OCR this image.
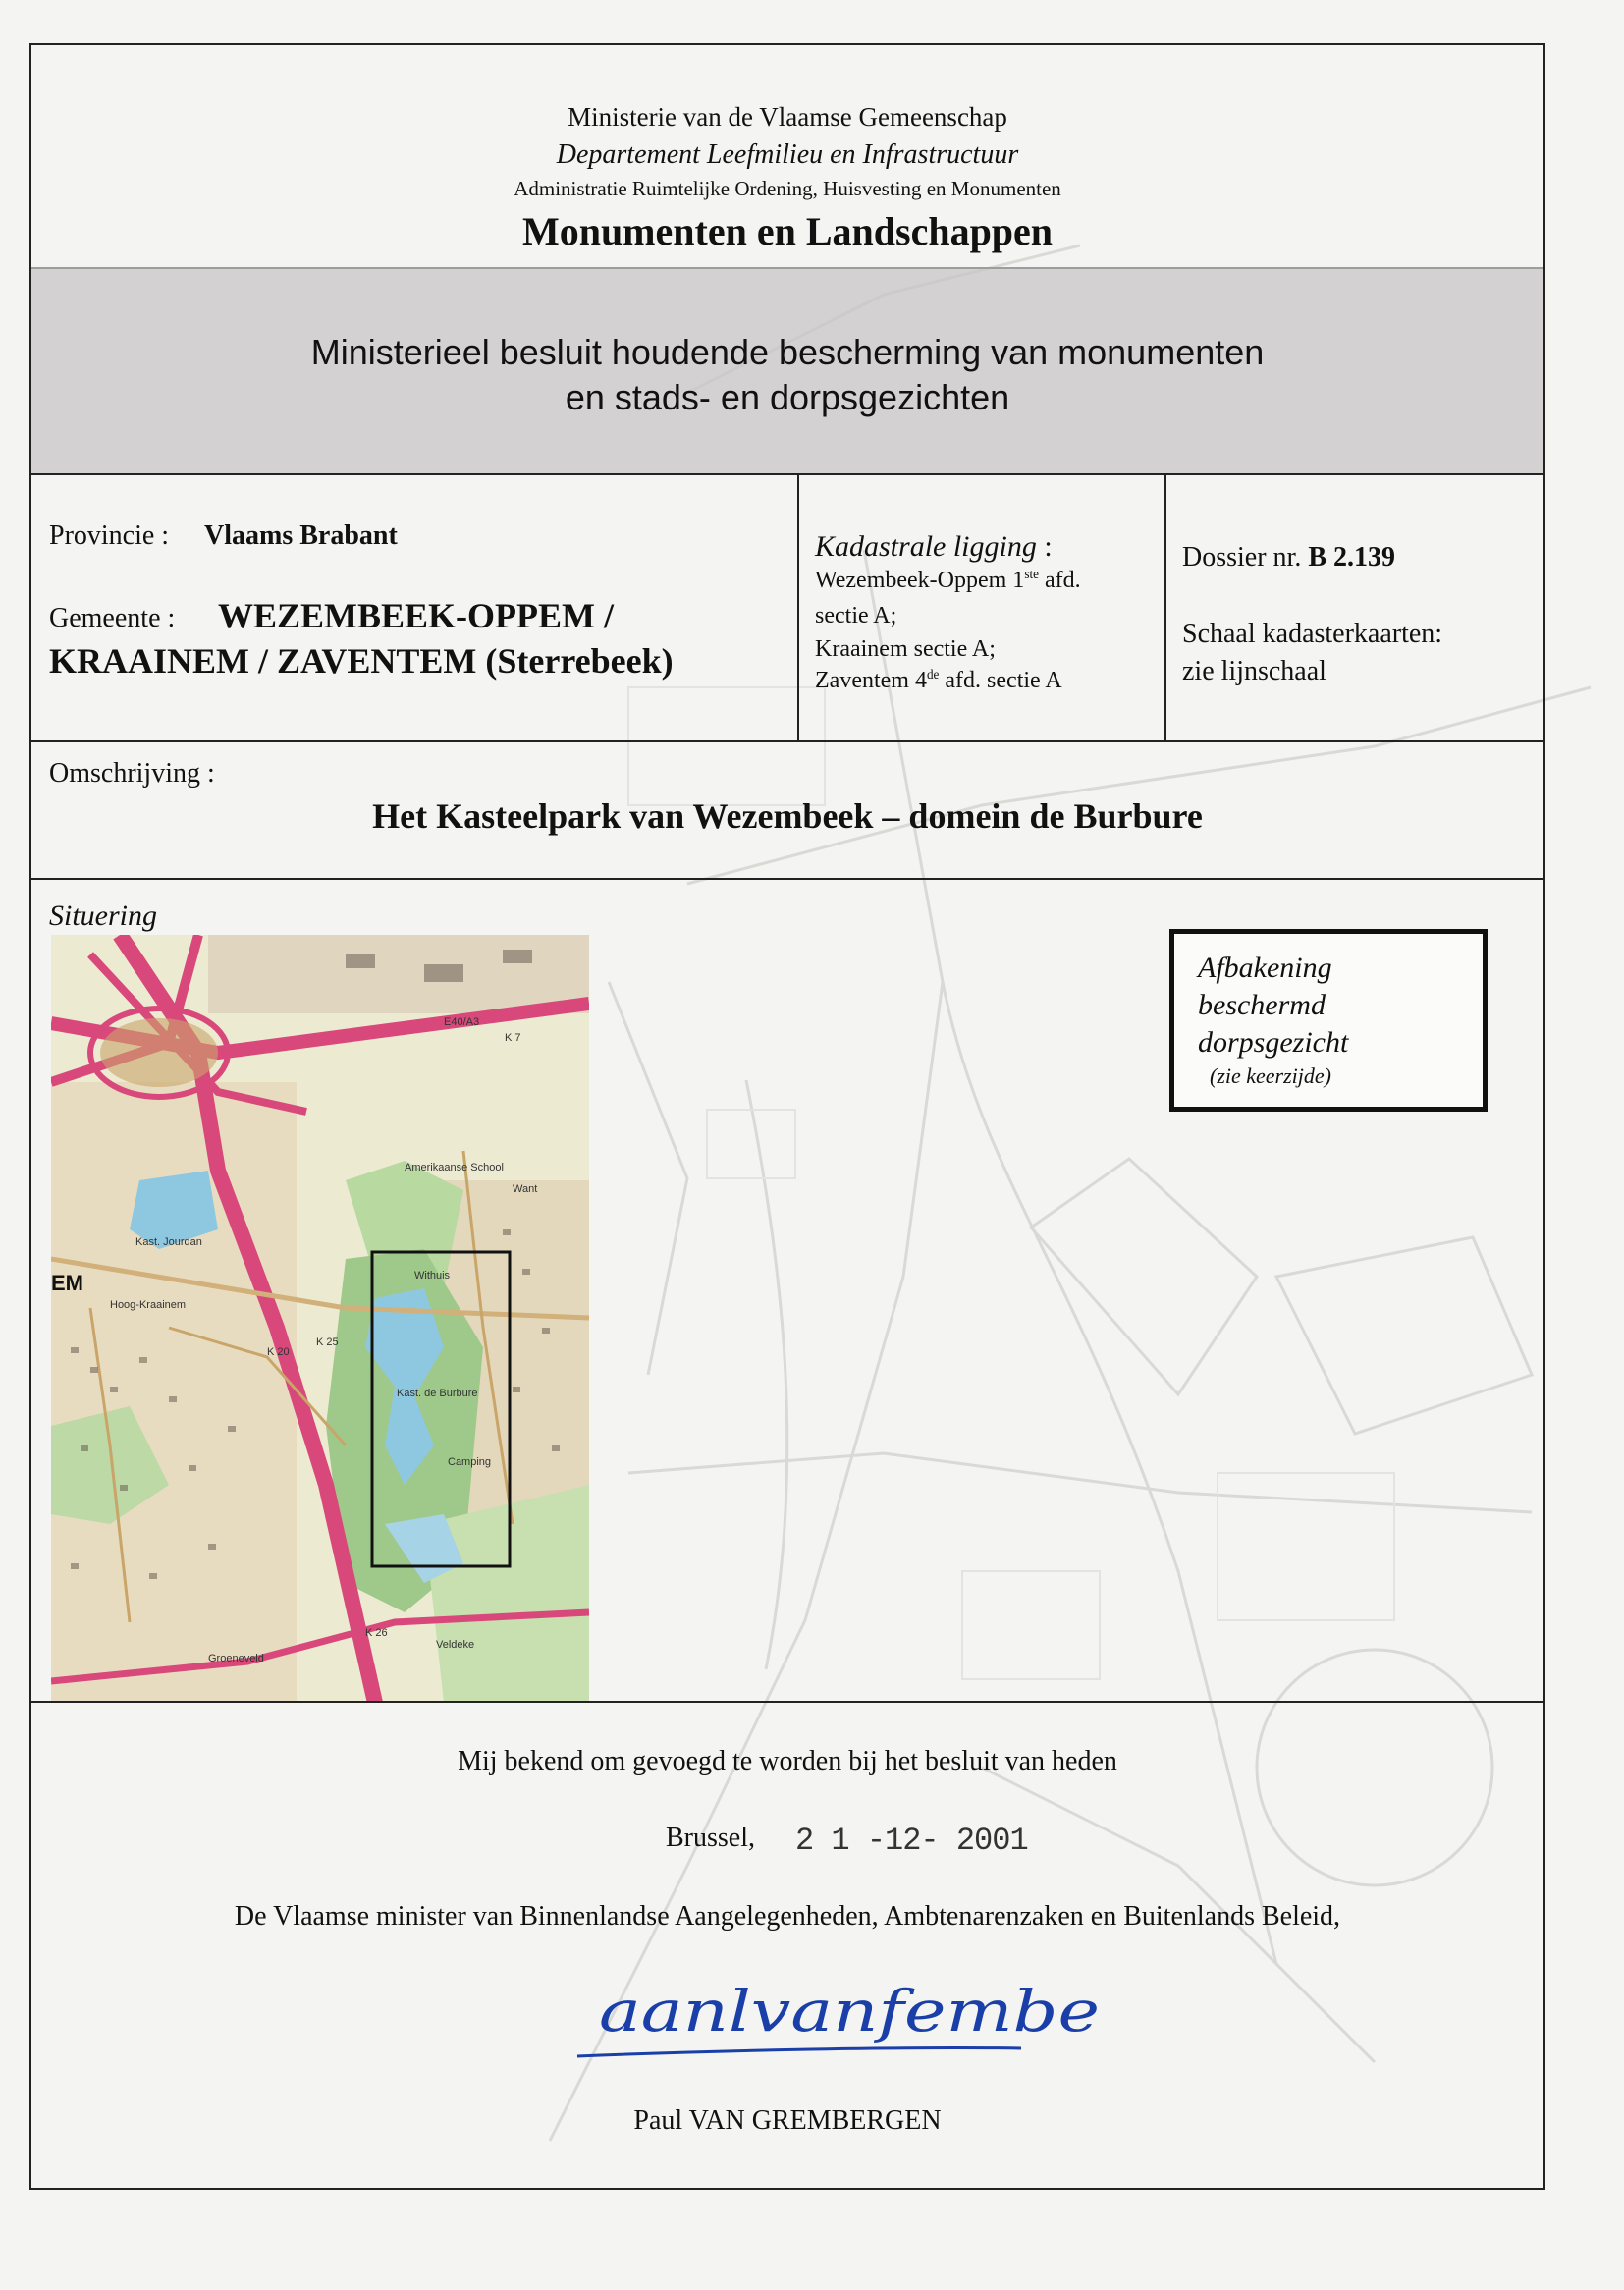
Ministerie van de Vlaamse Gemeenschap
Departement Leefmilieu en Infrastructuur
Administratie Ruimtelijke Ordening, Huisvesting en Monumenten
Monumenten en Landschappen
Ministerieel besluit houdende bescherming van monumenten
en stads- en dorpsgezichten
Provincie : Vlaams Brabant
Gemeente : WEZEMBEEK-OPPEM /
KRAAINEM / ZAVENTEM (Sterrebeek)
Kadastrale ligging :
Wezembeek-Oppem 1ste afd.
sectie A;
Kraainem sectie A;
Zaventem 4de afd. sectie A
Dossier nr. B 2.139
Schaal kadasterkaarten:
zie lijnschaal
Omschrijving :
Het Kasteelpark van Wezembeek – domein de Burbure
Situering
Amerikaanse School
Want
Kast. Jourdan
Hoog-Kraainem
Kast. de Burbure
Camping
Groeneveld
Veldeke
E40/A3
Withuis
EM
K 7
K 20
K 25
K 26
Afbakening
beschermd
dorpsgezicht
(zie keerzijde)
Mij bekend om gevoegd te worden bij het besluit van heden
Brussel, 2 1 -12- 2001
De Vlaamse minister van Binnenlandse Aangelegenheden, Ambtenarenzaken en Buitenlands Beleid,
aanlvanfembe
Paul VAN GREMBERGEN
